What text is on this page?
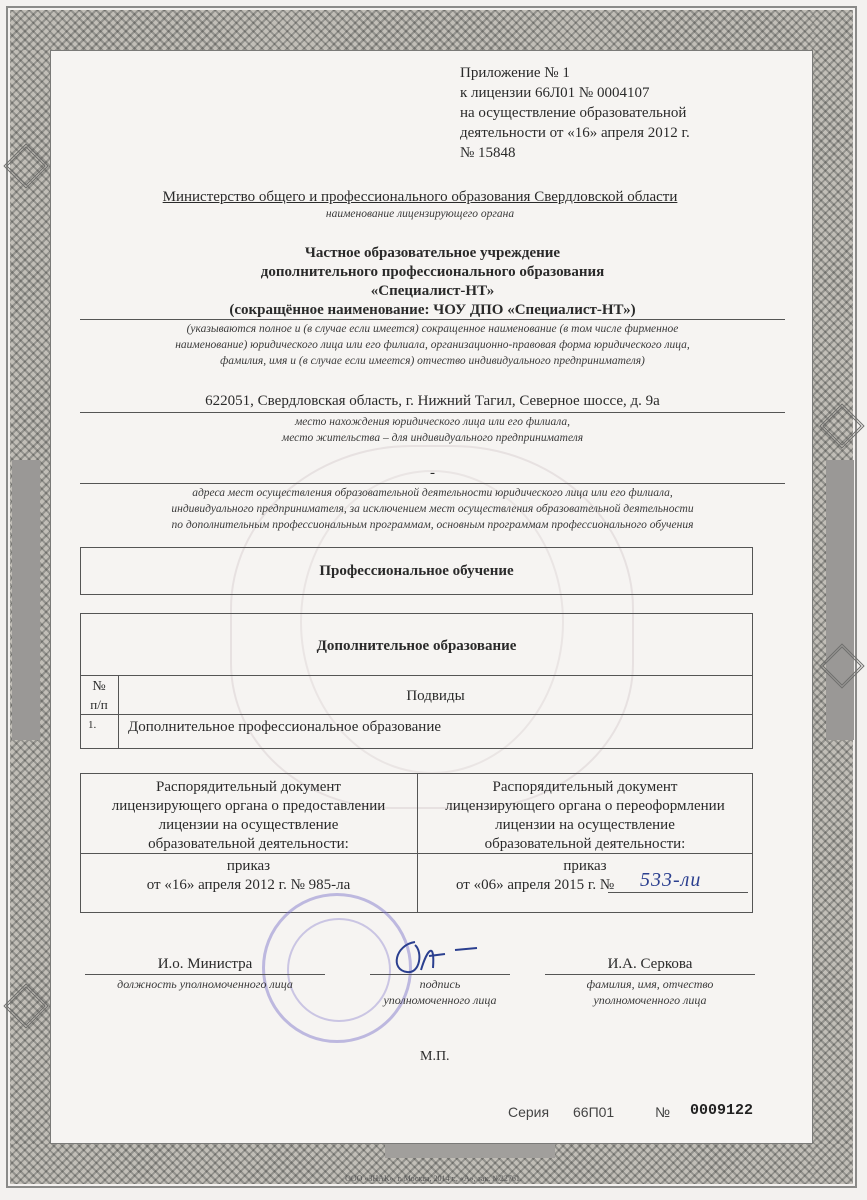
Приложение № 1
к лицензии 66Л01 № 0004107
на осуществление образовательной
деятельности от «16» апреля 2012 г.
№ 15848
Министерство общего и профессионального образования Свердловской области
наименование лицензирующего органа
Частное образовательное учреждение
дополнительного профессионального образования
«Специалист-НТ»
(сокращённое наименование: ЧОУ ДПО «Специалист-НТ»)
(указываются полное и (в случае если имеется) сокращенное наименование (в том числе фирменное
наименование) юридического лица или его филиала, организационно-правовая форма юридического лица,
фамилия, имя и (в случае если имеется) отчество индивидуального предпринимателя)
622051, Свердловская область, г. Нижний Тагил, Северное шоссе, д. 9а
место нахождения юридического лица или его филиала,
место жительства – для индивидуального предпринимателя
-
адреса мест осуществления образовательной деятельности юридического лица или его филиала,
индивидуального предпринимателя, за исключением мест осуществления образовательной деятельности
по дополнительным профессиональным программам, основным программам профессионального обучения
Профессиональное обучение
Дополнительное образование
№
п/п
Подвиды
1. Дополнительное профессиональное образование
Распорядительный документ
лицензирующего органа о предоставлении
лицензии на осуществление
образовательной деятельности:
Распорядительный документ
лицензирующего органа о переоформлении
лицензии на осуществление
образовательной деятельности:
приказ
от «16» апреля 2012 г. № 985-ла
приказ
от «06» апреля 2015 г. № 533-ли
И.о. Министра
должность уполномоченного лица	подпись
уполномоченного лица
И.А. Серкова
фамилия, имя, отчество
уполномоченного лица
М.П.
Серия 66П01	№ 0009122
ООО «ЗНАК», г. Москва, 2014 г., «А», зак. №22761.
